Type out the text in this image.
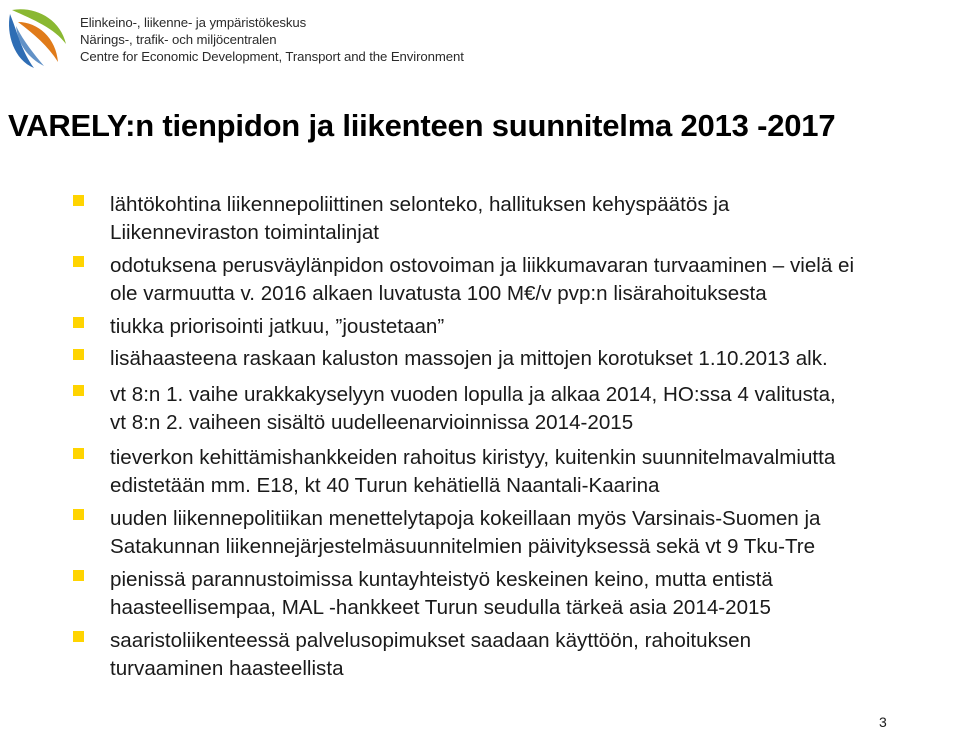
Elinkeino-, liikenne- ja ympäristökeskus
Närings-, trafik- och miljöcentralen
Centre for Economic Development, Transport and the Environment
VARELY:n tienpidon ja liikenteen suunnitelma 2013 -2017
lähtökohtina liikennepoliittinen selonteko, hallituksen kehyspäätös ja
Liikenneviraston toimintalinjat
odotuksena perusväylänpidon ostovoiman ja liikkumavaran turvaaminen – vielä ei
ole varmuutta v. 2016 alkaen luvatusta 100 M€/v pvp:n lisärahoituksesta
tiukka priorisointi jatkuu, ”joustetaan”
lisähaasteena raskaan kaluston massojen ja mittojen korotukset 1.10.2013 alk.
vt 8:n 1. vaihe urakkakyselyyn vuoden lopulla ja alkaa 2014, HO:ssa 4 valitusta,
vt 8:n 2. vaiheen sisältö uudelleenarvioinnissa 2014-2015
tieverkon kehittämishankkeiden rahoitus kiristyy, kuitenkin suunnitelmavalmiutta
edistetään mm. E18, kt 40 Turun kehätiellä Naantali-Kaarina
uuden liikennepolitiikan menettelytapoja kokeillaan myös Varsinais-Suomen ja
Satakunnan liikennejärjestelmäsuunnitelmien päivityksessä sekä vt 9 Tku-Tre
pienissä parannustoimissa kuntayhteistyö keskeinen keino, mutta entistä
haasteellisempaa, MAL -hankkeet Turun seudulla tärkeä asia 2014-2015
saaristoliikenteessä palvelusopimukset saadaan käyttöön, rahoituksen
turvaaminen haasteellista
3
